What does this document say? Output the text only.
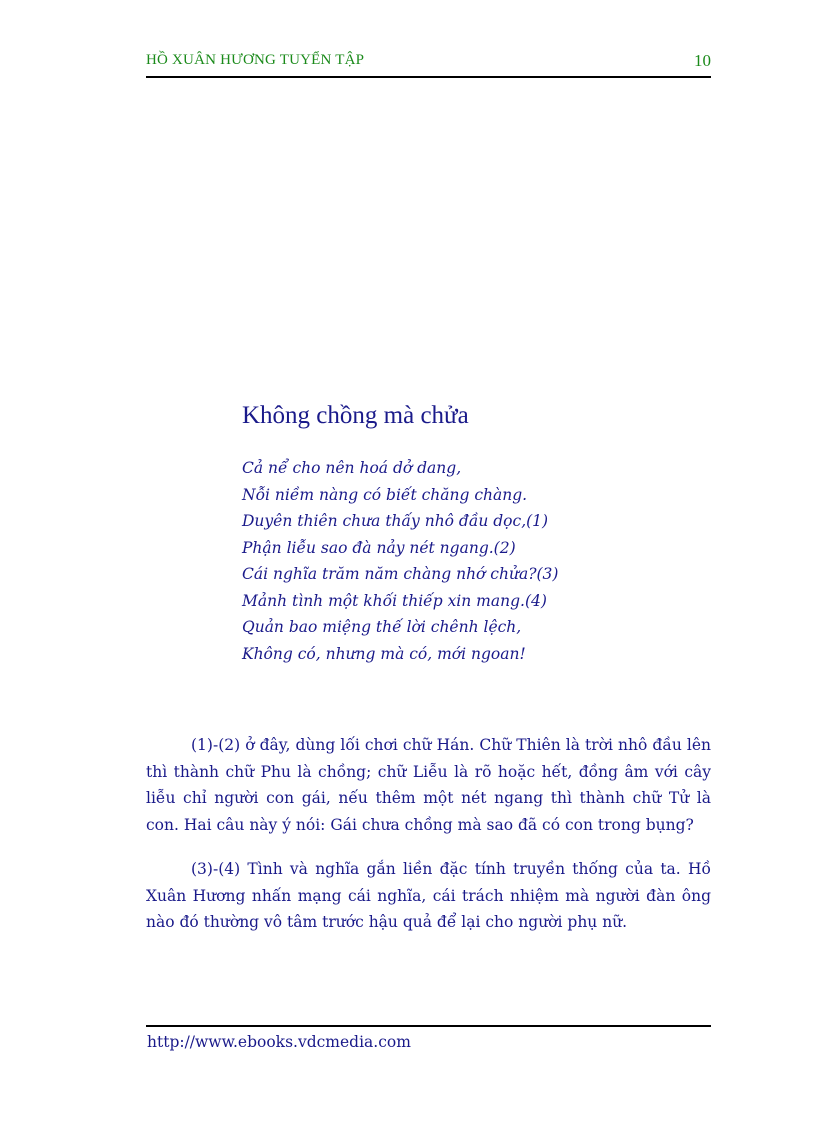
HỒ XUÂN HƯƠNG TUYỂN TẬP	10
Không chồng mà chửa
Cả nể cho nên hoá dở dang,
Nỗi niềm nàng có biết chăng chàng.
Duyên thiên chưa thấy nhô đầu dọc,(1)
Phận liễu sao đà nảy nét ngang.(2)
Cái nghĩa trăm năm chàng nhớ chửa?(3)
Mảnh tình một khối thiếp xin mang.(4)
Quản bao miệng thế lời chênh lệch,
Không có, nhưng mà có, mới ngoan!

(1)-(2) ở đây, dùng lối chơi chữ Hán. Chữ Thiên là trời nhô đầu lên thì thành chữ Phu là chồng; chữ Liễu là rõ hoặc hết, đồng âm với cây liễu chỉ người con gái, nếu thêm một nét ngang thì thành chữ Tử là con. Hai câu này ý nói: Gái chưa chồng mà sao đã có con trong bụng?

(3)-(4) Tình và nghĩa gắn liền đặc tính truyền thống của ta. Hồ Xuân Hương nhấn mạng cái nghĩa, cái trách nhiệm mà người đàn ông nào đó thường vô tâm trước hậu quả để lại cho người phụ nữ.

http://www.ebooks.vdcmedia.com
